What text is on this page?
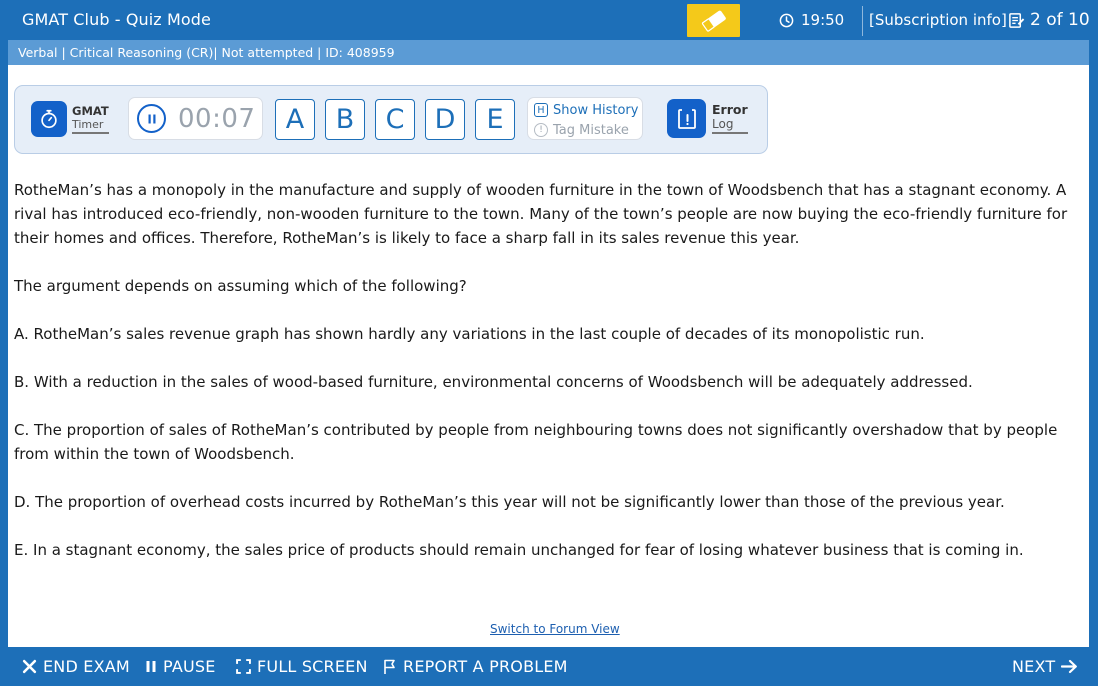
GMAT Club - Quiz Mode	19:50 [Subscription info] 2 of 10
Verbal | Critical Reasoning (CR)| Not attempted | ID: 408959
GMAT
Timer	00:07	A	B	C	D	E	H Show History
! Tag Mistake
Error
Log

RotheMan’s has a monopoly in the manufacture and supply of wooden furniture in the town of Woodsbench that has a stagnant economy. A rival has introduced eco-friendly, non-wooden furniture to the town. Many of the town’s people are now buying the eco-friendly furniture for their homes and offices. Therefore, RotheMan’s is likely to face a sharp fall in its sales revenue this year.

The argument depends on assuming which of the following?

A. RotheMan’s sales revenue graph has shown hardly any variations in the last couple of decades of its monopolistic run.

B. With a reduction in the sales of wood-based furniture, environmental concerns of Woodsbench will be adequately addressed.

C. The proportion of sales of RotheMan’s contributed by people from neighbouring towns does not significantly overshadow that by people from within the town of Woodsbench.

D. The proportion of overhead costs incurred by RotheMan’s this year will not be significantly lower than those of the previous year.

E. In a stagnant economy, the sales price of products should remain unchanged for fear of losing whatever business that is coming in.

Switch to Forum View
END EXAM PAUSE	FULL SCREEN REPORT A PROBLEM	NEXT
